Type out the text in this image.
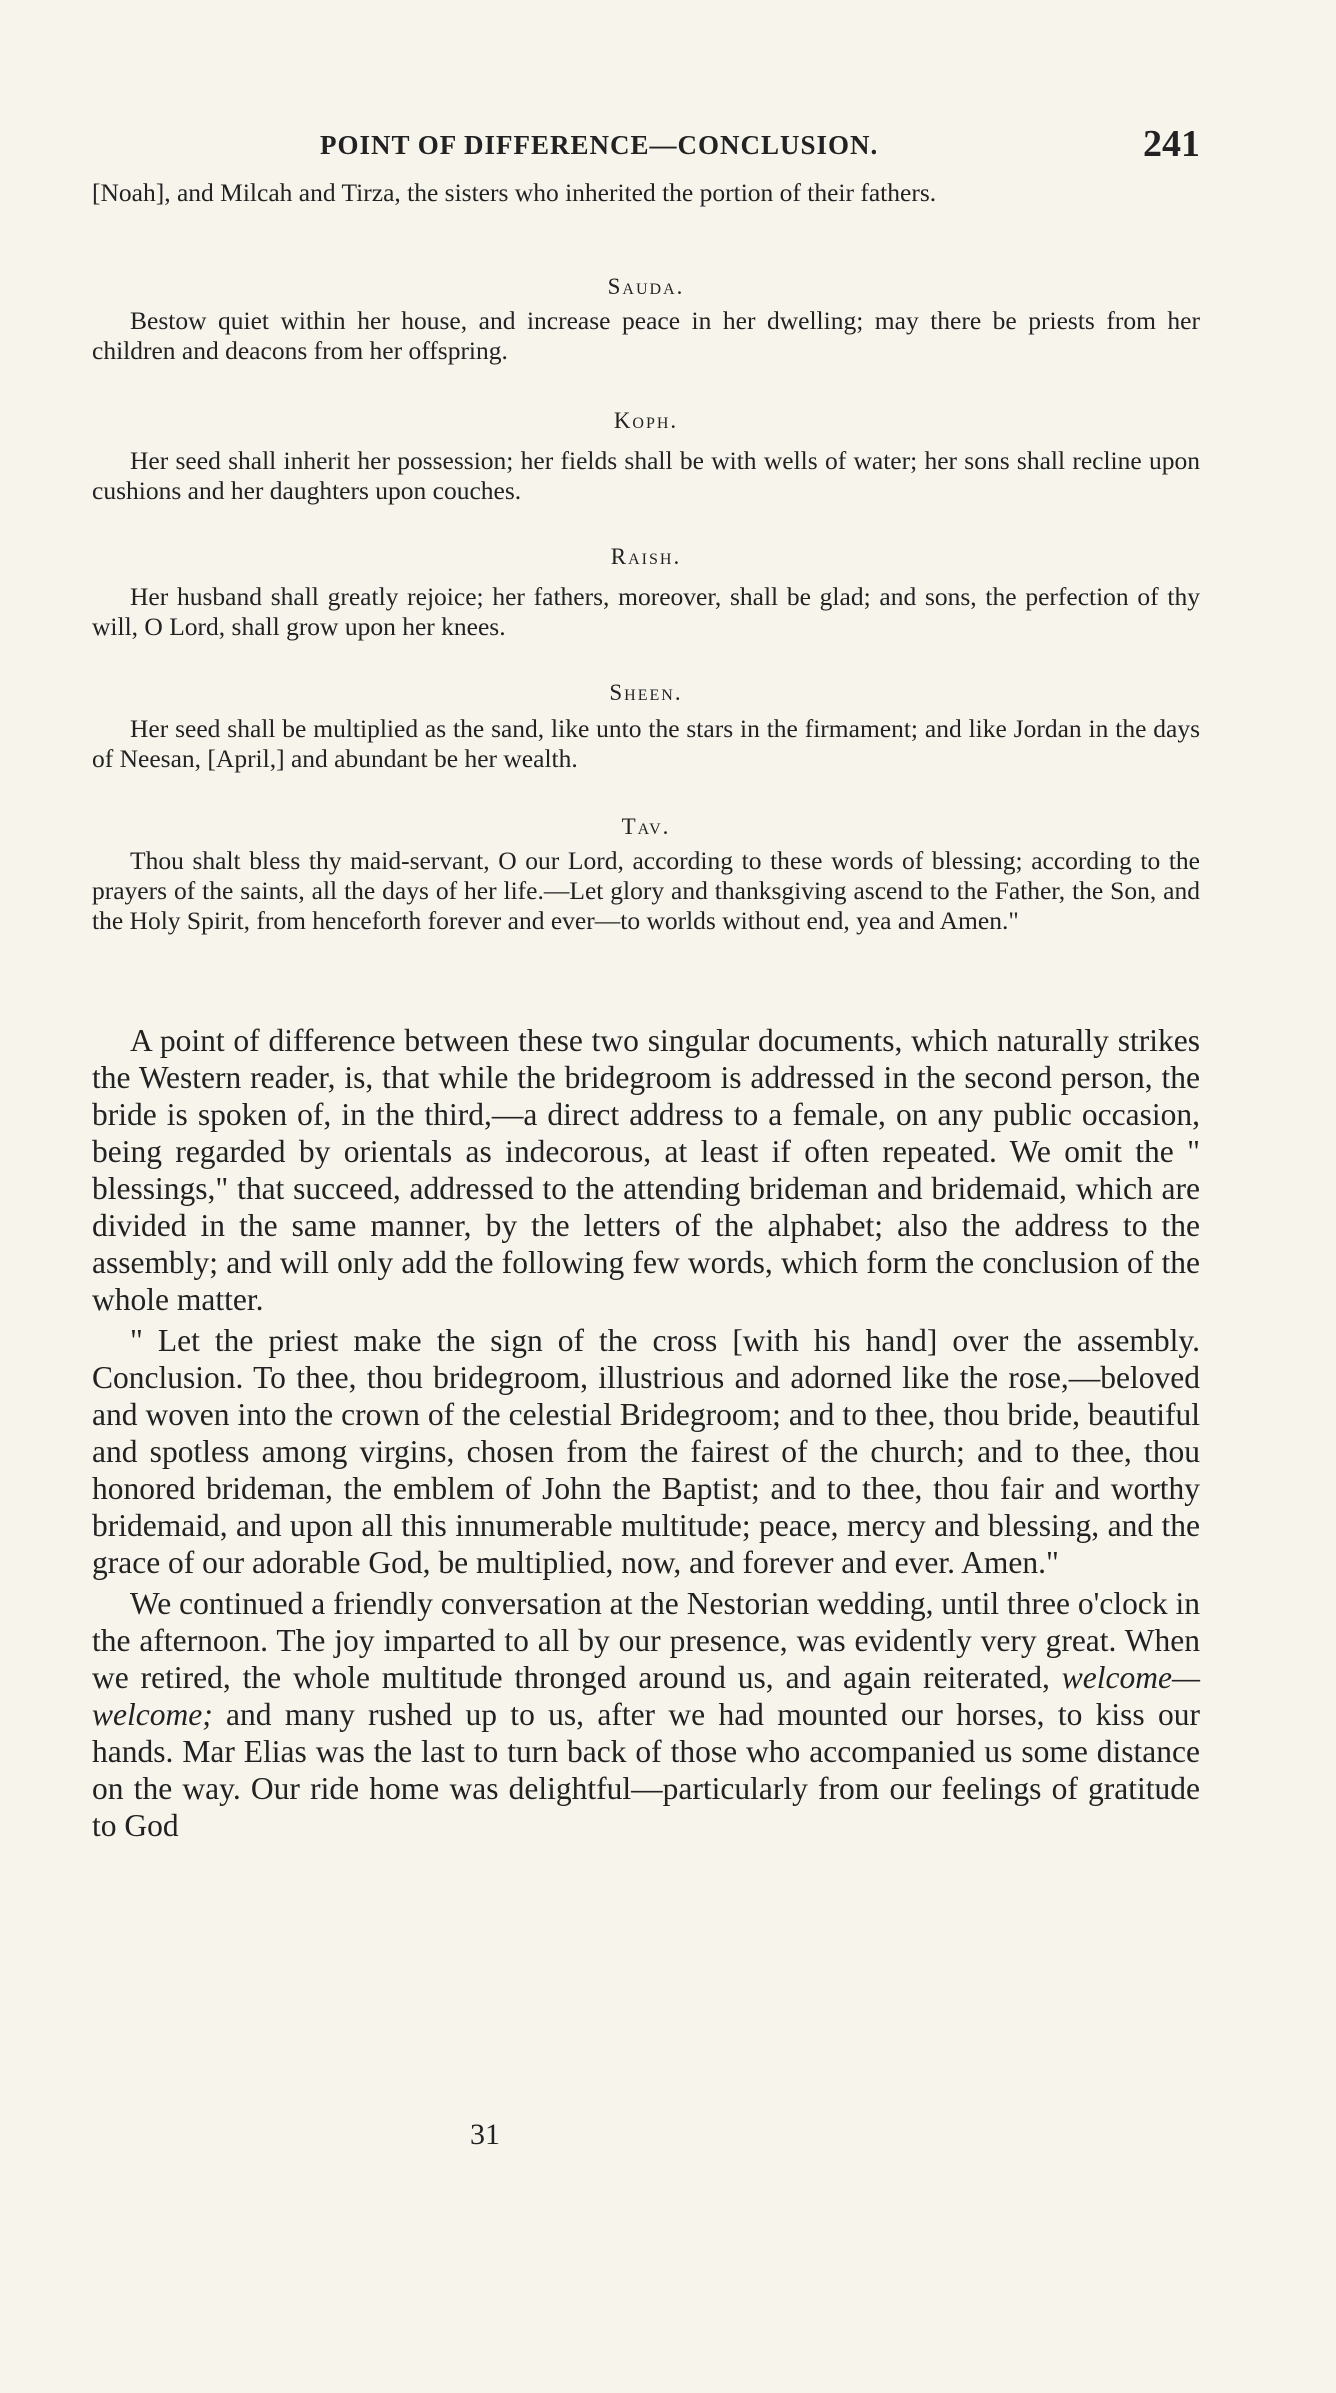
POINT OF DIFFERENCE—CONCLUSION.	241

[Noah], and Milcah and Tirza, the sisters who inherited the portion of their fathers.

Sauda.

Bestow quiet within her house, and increase peace in her dwelling; may there be priests from her children and deacons from her offspring.

Koph.

Her seed shall inherit her possession; her fields shall be with wells of water; her sons shall recline upon cushions and her daughters upon couches.

Raish.

Her husband shall greatly rejoice; her fathers, moreover, shall be glad; and sons, the perfection of thy will, O Lord, shall grow upon her knees.

Sheen.

Her seed shall be multiplied as the sand, like unto the stars in the firmament; and like Jordan in the days of Neesan, [April,] and abundant be her wealth.

Tav.

Thou shalt bless thy maid-servant, O our Lord, according to these words of blessing; according to the prayers of the saints, all the days of her life.—Let glory and thanksgiving ascend to the Father, the Son, and the Holy Spirit, from henceforth forever and ever—to worlds without end, yea and Amen."

A point of difference between these two singular documents, which naturally strikes the Western reader, is, that while the bridegroom is addressed in the second person, the bride is spoken of, in the third,—a direct address to a female, on any public occasion, being regarded by orientals as indecorous, at least if often repeated. We omit the " blessings," that succeed, addressed to the attending brideman and bridemaid, which are divided in the same manner, by the letters of the alphabet; also the address to the assembly; and will only add the following few words, which form the conclusion of the whole matter.

" Let the priest make the sign of the cross [with his hand] over the assembly. Conclusion. To thee, thou bridegroom, illustrious and adorned like the rose,—beloved and woven into the crown of the celestial Bridegroom; and to thee, thou bride, beautiful and spotless among virgins, chosen from the fairest of the church; and to thee, thou honored brideman, the emblem of John the Baptist; and to thee, thou fair and worthy bridemaid, and upon all this innumerable multitude; peace, mercy and blessing, and the grace of our adorable God, be multiplied, now, and forever and ever. Amen."

We continued a friendly conversation at the Nestorian wedding, until three o'clock in the afternoon. The joy imparted to all by our presence, was evidently very great. When we retired, the whole multitude thronged around us, and again reiterated, welcome—welcome; and many rushed up to us, after we had mounted our horses, to kiss our hands. Mar Elias was the last to turn back of those who accompanied us some distance on the way. Our ride home was delightful—particularly from our feelings of gratitude to God

31
